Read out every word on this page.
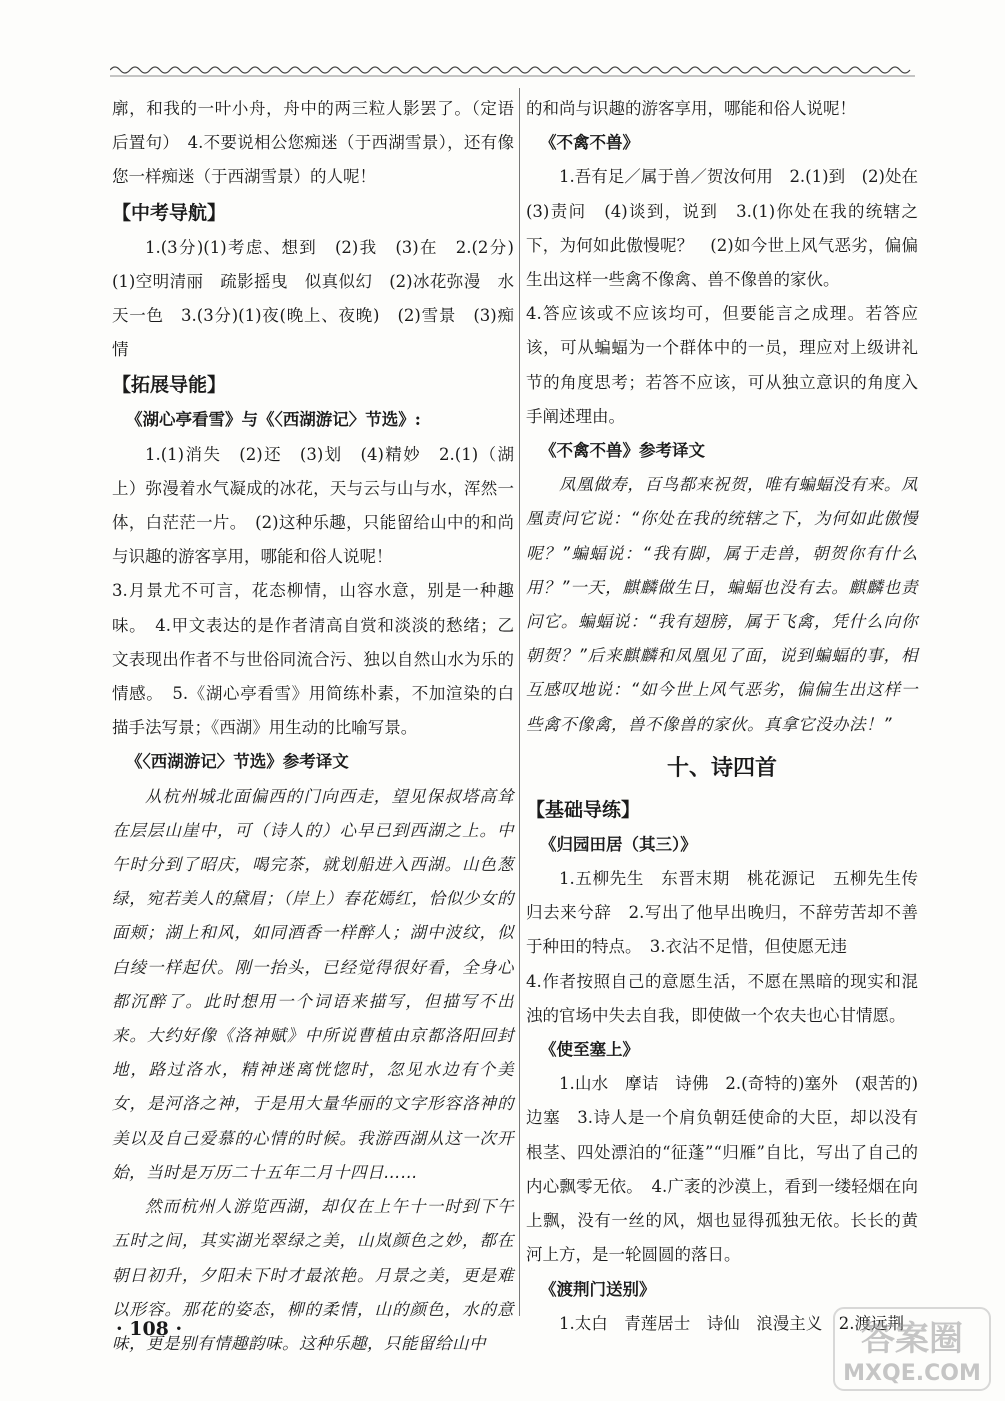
廓，和我的一叶小舟，舟中的两三粒人影罢了。（定语后置句）　4.不要说相公您痴迷（于西湖雪景），还有像您一样痴迷（于西湖雪景）的人呢！

【中考导航】

1.(3分)(1)考虑、想到　(2)我　(3)在　2.(2分)(1)空明清丽　疏影摇曳　似真似幻　(2)冰花弥漫　水天一色　3.(3分)(1)夜(晚上、夜晚)　(2)雪景　(3)痴情

【拓展导能】
《湖心亭看雪》与《〈西湖游记〉节选》:

1.(1)消失　(2)还　(3)划　(4)精妙　2.(1)（湖上）弥漫着水气凝成的冰花，天与云与山与水，浑然一体，白茫茫一片。　(2)这种乐趣，只能留给山中的和尚与识趣的游客享用，哪能和俗人说呢！

3.月景尤不可言，花态柳情，山容水意，别是一种趣味。　4.甲文表达的是作者清高自赏和淡淡的愁绪；乙文表现出作者不与世俗同流合污、独以自然山水为乐的情感。　5.《湖心亭看雪》用简练朴素，不加渲染的白描手法写景；《西湖》用生动的比喻写景。

《〈西湖游记〉节选》参考译文

从杭州城北面偏西的门向西走，望见保叔塔高耸在层层山崖中，可（诗人的）心早已到西湖之上。中午时分到了昭庆，喝完茶，就划船进入西湖。山色葱绿，宛若美人的黛眉；（岸上）春花嫣红，恰似少女的面颊；湖上和风，如同酒香一样醉人；湖中波纹，似白绫一样起伏。刚一抬头，已经觉得很好看，全身心都沉醉了。此时想用一个词语来描写，但描写不出来。大约好像《洛神赋》中所说曹植由京都洛阳回封地，路过洛水，精神迷离恍惚时，忽见水边有个美女，是河洛之神，于是用大量华丽的文字形容洛神的美以及自己爱慕的心情的时候。我游西湖从这一次开始，当时是万历二十五年二月十四日……

然而杭州人游览西湖，却仅在上午十一时到下午五时之间，其实湖光翠绿之美，山岚颜色之妙，都在朝日初升，夕阳未下时才最浓艳。月景之美，更是难以形容。那花的姿态，柳的柔情，山的颜色，水的意味，更是别有情趣韵味。这种乐趣，只能留给山中

的和尚与识趣的游客享用，哪能和俗人说呢！

《不禽不兽》

1.吾有足／属于兽／贺汝何用　2.(1)到　(2)处在　(3)责问　(4)谈到，说到　3.(1)你处在我的统辖之下，为何如此傲慢呢？　(2)如今世上风气恶劣，偏偏生出这样一些禽不像禽、兽不像兽的家伙。

4.答应该或不应该均可，但要能言之成理。若答应该，可从蝙蝠为一个群体中的一员，理应对上级讲礼节的角度思考；若答不应该，可从独立意识的角度入手阐述理由。

《不禽不兽》参考译文

凤凰做寿，百鸟都来祝贺，唯有蝙蝠没有来。凤凰责问它说：“你处在我的统辖之下，为何如此傲慢呢？”蝙蝠说：“我有脚，属于走兽，朝贺你有什么用？”一天，麒麟做生日，蝙蝠也没有去。麒麟也责问它。蝙蝠说：“我有翅膀，属于飞禽，凭什么向你朝贺？”后来麒麟和凤凰见了面，说到蝙蝠的事，相互感叹地说：“如今世上风气恶劣，偏偏生出这样一些禽不像禽，兽不像兽的家伙。真拿它没办法！”

十、诗四首
【基础导练】
《归园田居（其三）》

1.五柳先生　东晋末期　桃花源记　五柳先生传　归去来兮辞　2.写出了他早出晚归，不辞劳苦却不善于种田的特点。　3.衣沾不足惜，但使愿无违

4.作者按照自己的意愿生活，不愿在黑暗的现实和混浊的官场中失去自我，即使做一个农夫也心甘情愿。

《使至塞上》

1.山水　摩诘　诗佛　2.(奇特的)塞外　(艰苦的)边塞　3.诗人是一个肩负朝廷使命的大臣，却以没有根茎、四处漂泊的“征蓬”“归雁”自比，写出了自己的内心飘零无依。　4.广袤的沙漠上，看到一缕轻烟在向上飘，没有一丝的风，烟也显得孤独无依。长长的黄河上方，是一轮圆圆的落日。

《渡荆门送别》

1.太白　青莲居士　诗仙　浪漫主义　2.渡远荆

· 108 ·	答案圈
MXQE.COM
